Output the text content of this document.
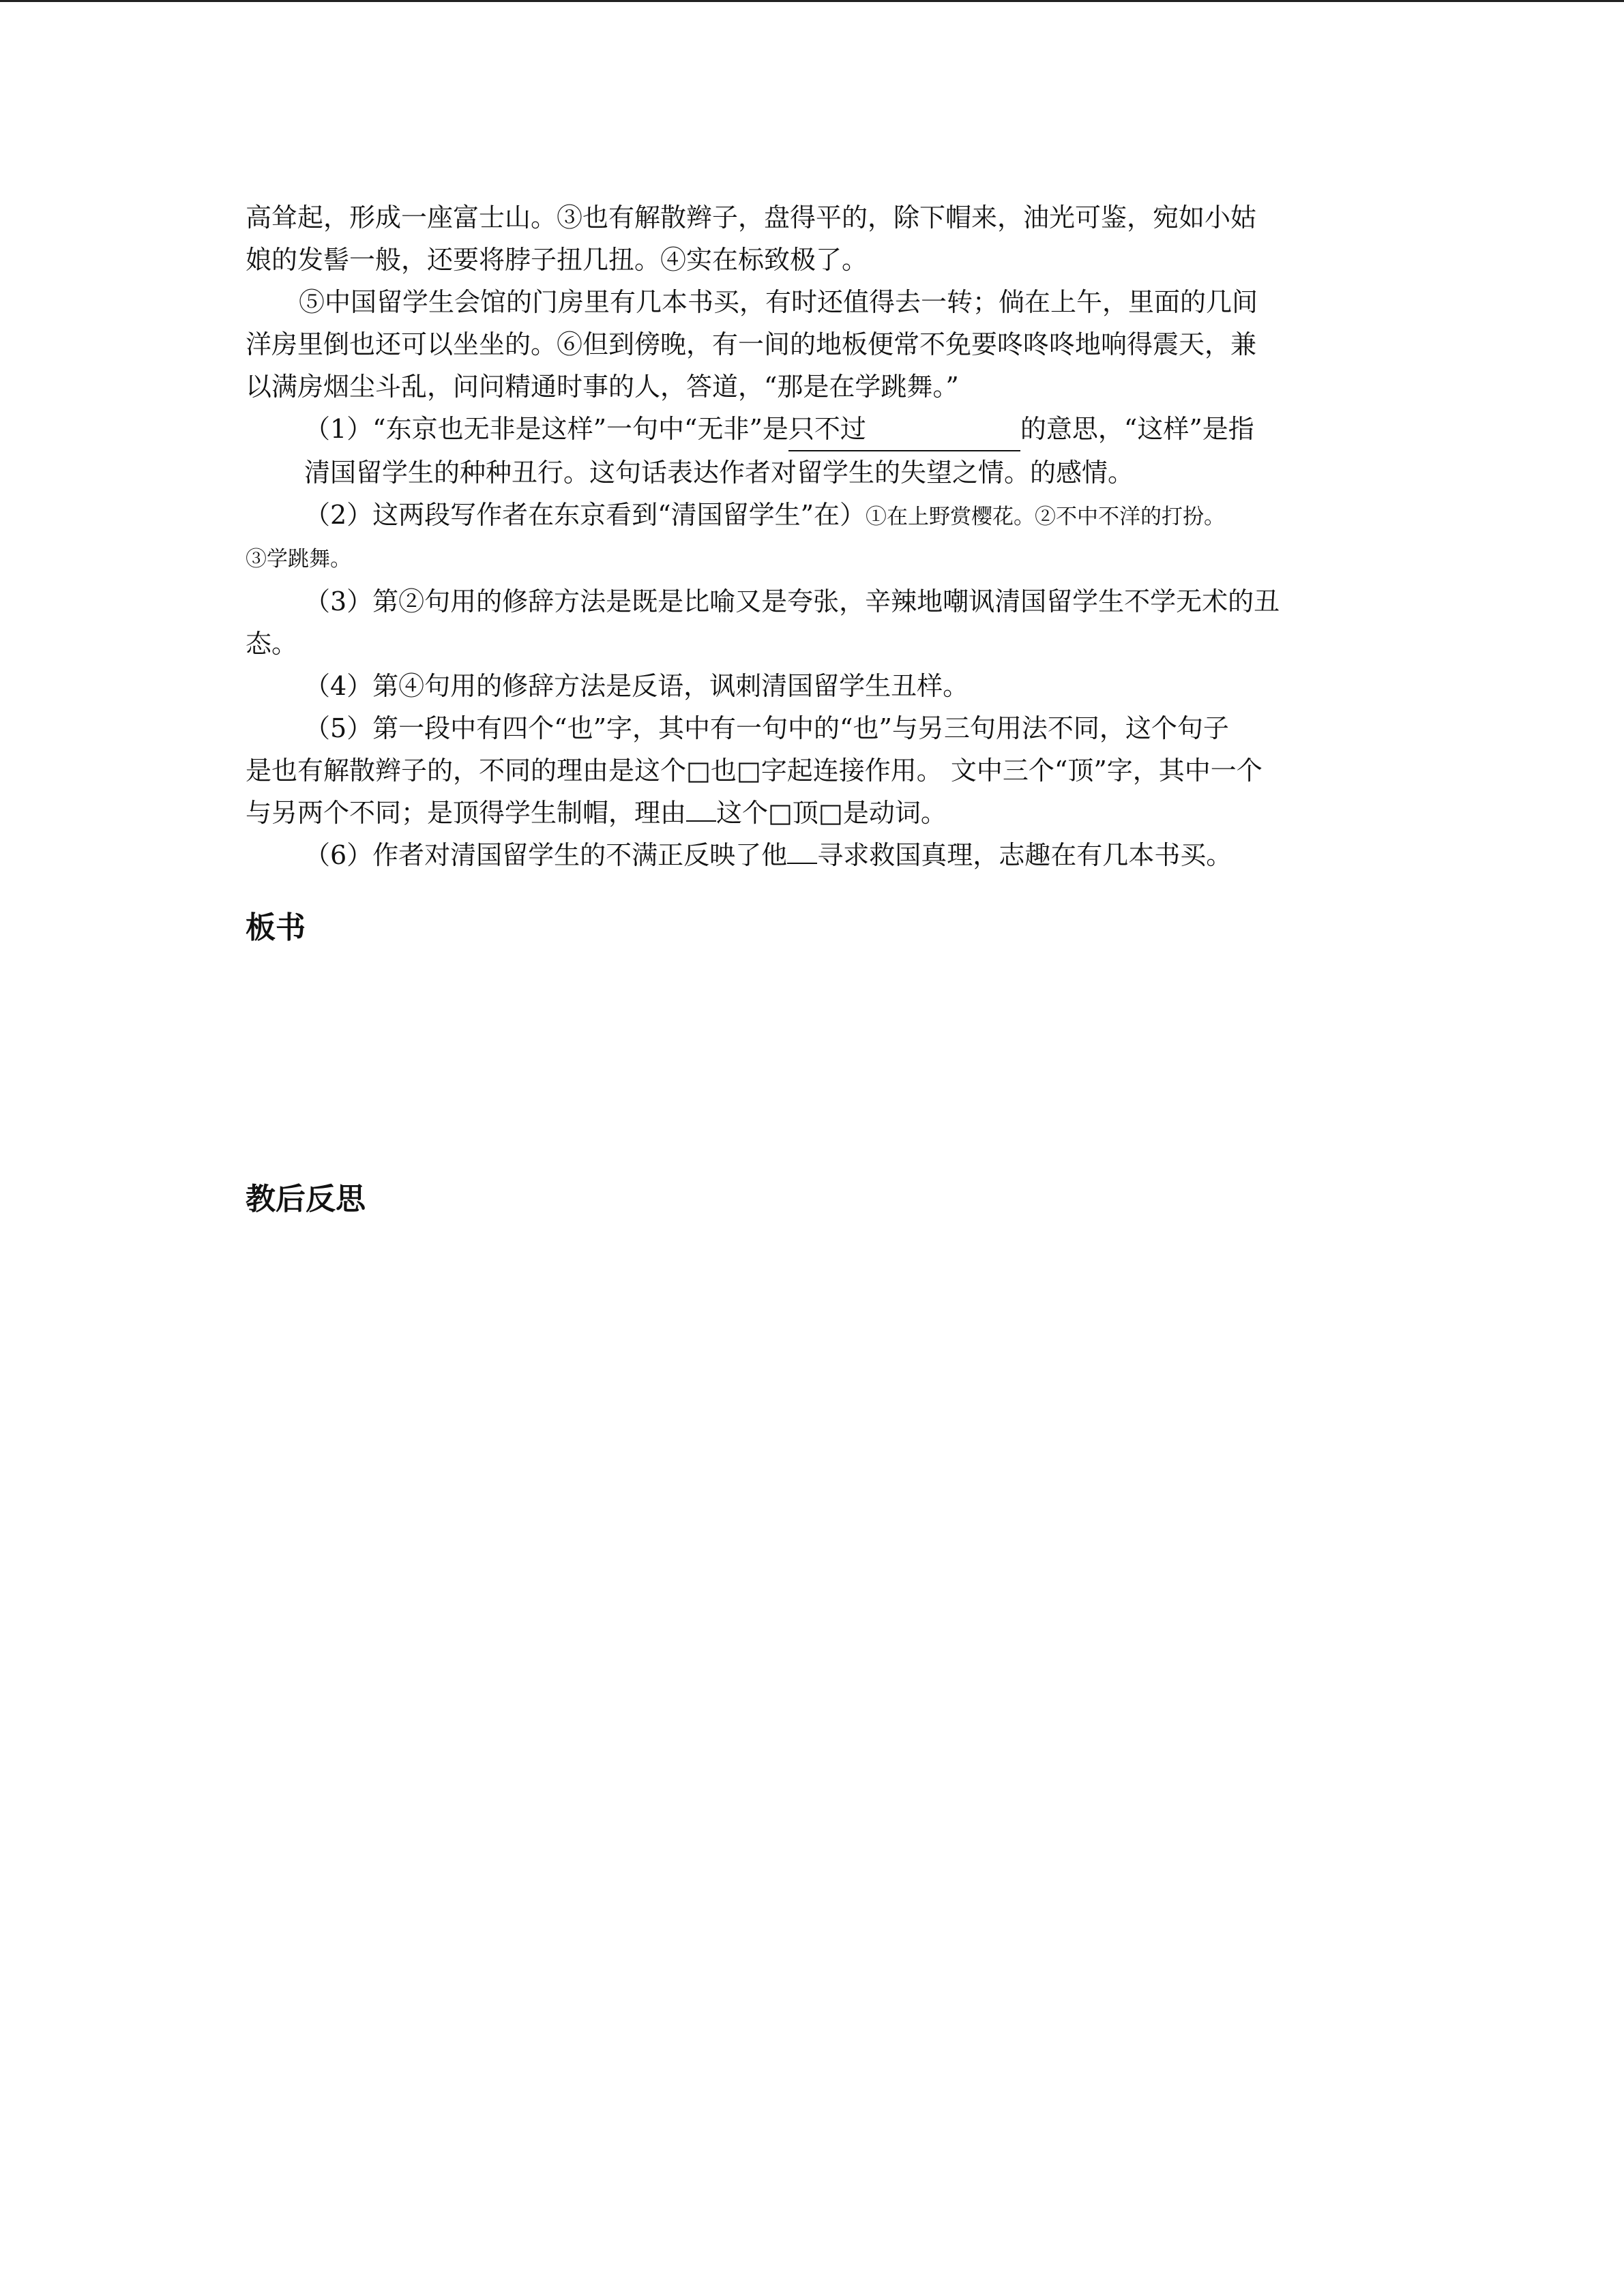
高耸起，形成一座富士山。③也有解散辫子，盘得平的，除下帽来，油光可鉴，宛如小姑
娘的发髻一般，还要将脖子扭几扭。④实在标致极了。
⑤中国留学生会馆的门房里有几本书买，有时还值得去一转；倘在上午，里面的几间
洋房里倒也还可以坐坐的。⑥但到傍晚，有一间的地板便常不免要咚咚咚地响得震天，兼
以满房烟尘斗乱，问问精通时事的人，答道，“那是在学跳舞。”
（1）“东京也无非是这样”一句中“无非”是只不过	的意思，“这样”是指
清国留学生的种种丑行。这句话表达作者对留学生的失望之情。的感情。
（2）这两段写作者在东京看到“清国留学生”在）①在上野赏樱花。②不中不洋的打扮。
③学跳舞。
（3）第②句用的修辞方法是既是比喻又是夸张，辛辣地嘲讽清国留学生不学无术的丑
态。
（4）第④句用的修辞方法是反语，讽刺清国留学生丑样。
（5）第一段中有四个“也”字，其中有一句中的“也”与另三句用法不同，这个句子
是也有解散辫子的，不同的理由是这个□也□字起连接作用。 文中三个“顶”字，其中一个
与另两个不同；是顶得学生制帽，理由 这个□顶□是动词。
（6）作者对清国留学生的不满正反映了他 寻求救国真理，志趣在有几本书买。
板书
教后反思
